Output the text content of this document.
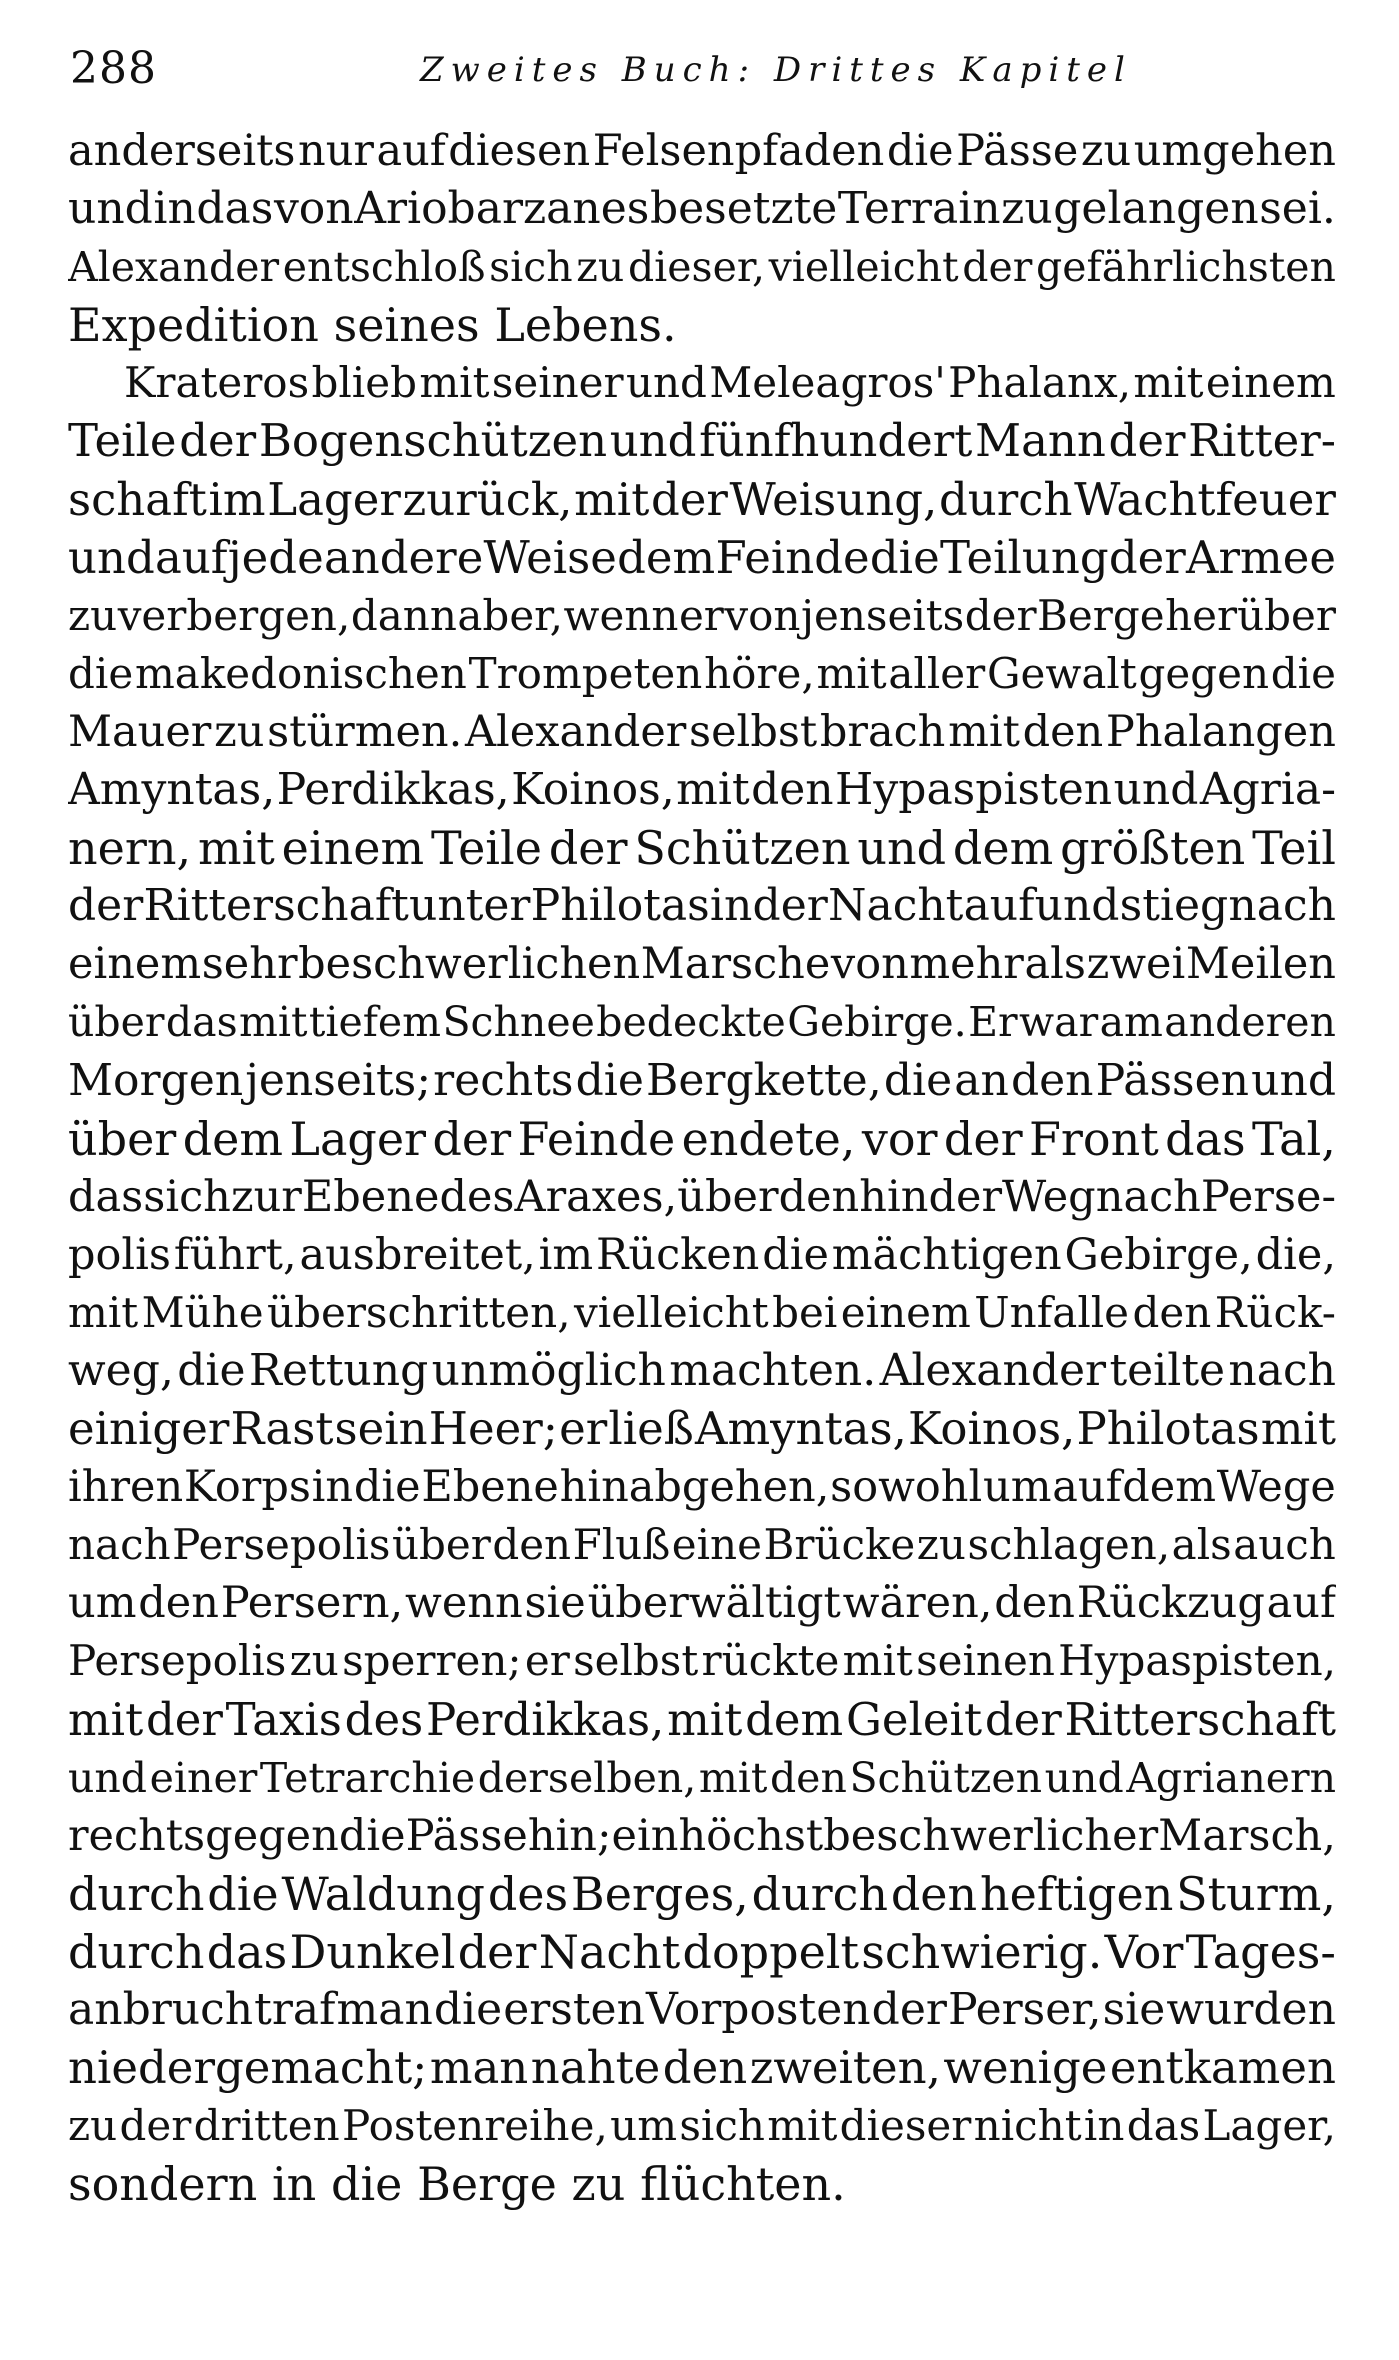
288	Zweites Buch: Drittes Kapitel
anderseits nur auf diesen Felsenpfaden die Pässe zu umgehen
und in das von Ariobarzanes besetzte Terrain zu gelangen sei.
Alexander entschloß sich zu dieser, vielleicht der gefährlichsten
Expedition seines Lebens.
Krateros blieb mit seiner und Meleagros' Phalanx, mit einem
Teile der Bogenschützen und fünfhundert Mann der Ritter-
schaft im Lager zurück, mit der Weisung, durch Wachtfeuer
und auf jede andere Weise dem Feinde die Teilung der Armee
zu verbergen, dann aber, wenn er von jenseits der Berge herüber
die makedonischen Trompeten höre, mit aller Gewalt gegen die
Mauer zu stürmen. Alexander selbst brach mit den Phalangen
Amyntas, Perdikkas, Koinos, mit den Hypaspisten und Agria-
nern, mit einem Teile der Schützen und dem größten Teil
der Ritterschaft unter Philotas in der Nacht auf und stieg nach
einem sehr beschwerlichen Marsche von mehr als zwei Meilen
über das mit tiefem Schnee bedeckte Gebirge. Er war am anderen
Morgen jenseits; rechts die Bergkette, die an den Pässen und
über dem Lager der Feinde endete, vor der Front das Tal,
das sich zur Ebene des Araxes, über den hin der Weg nach Perse-
polis führt, ausbreitet, im Rücken die mächtigen Gebirge, die,
mit Mühe überschritten, vielleicht bei einem Unfalle den Rück-
weg, die Rettung unmöglich machten. Alexander teilte nach
einiger Rast sein Heer; er ließ Amyntas, Koinos, Philotas mit
ihren Korps in die Ebene hinabgehen, sowohl um auf dem Wege
nach Persepolis über den Fluß eine Brücke zu schlagen, als auch
um den Persern, wenn sie überwältigt wären, den Rückzug auf
Persepolis zu sperren; er selbst rückte mit seinen Hypaspisten,
mit der Taxis des Perdikkas, mit dem Geleit der Ritterschaft
und einer Tetrarchie derselben, mit den Schützen und Agrianern
rechts gegen die Pässe hin; ein höchst beschwerlicher Marsch,
durch die Waldung des Berges, durch den heftigen Sturm,
durch das Dunkel der Nacht doppelt schwierig. Vor Tages-
anbruch traf man die ersten Vorposten der Perser, sie wurden
niedergemacht; man nahte den zweiten, wenige entkamen
zu der dritten Postenreihe, um sich mit dieser nicht in das Lager,
sondern in die Berge zu flüchten.
